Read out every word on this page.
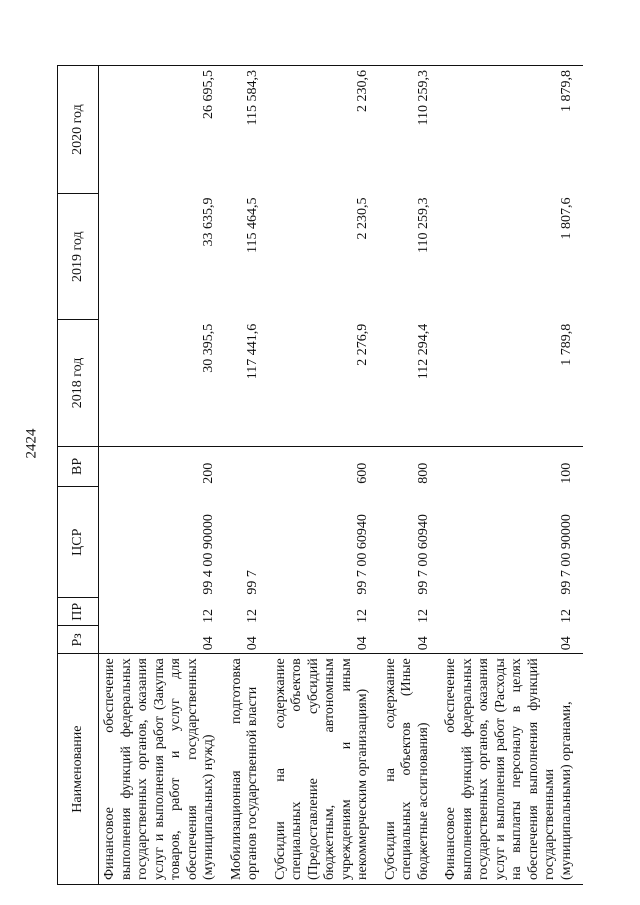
2424
Наименование	Рз	ПР	ЦСР	ВР	2018 год	2019 год	2020 год
Финансовое обеспечение выполнения функций федеральных государственных органов, оказания услуг и выполнения работ (Закупка товаров, работ и услуг для обеспечения государственных (муниципальных) нужд)	04	12	99 4 00 90000	200	30 395,5	33 635,9	26 695,5
Мобилизационная подготовка органов государственной власти	04	12	99 7		117 441,6	115 464,5	115 584,3
Субсидии на содержание специальных объектов (Предоставление субсидий бюджетным, автономным учреждениям и иным некоммерческим организациям)	04	12	99 7 00 60940	600	2 276,9	2 230,5	2 230,6
Субсидии на содержание специальных объектов (Иные бюджетные ассигнования)	04	12	99 7 00 60940	800	112 294,4	110 259,3	110 259,3
Финансовое обеспечение выполнения функций федеральных государственных органов, оказания услуг и выполнения работ (Расходы на выплаты персоналу в целях обеспечения выполнения функций государственными (муниципальными) органами,	04	12	99 7 00 90000	100	1 789,8	1 807,6	1 879,8
